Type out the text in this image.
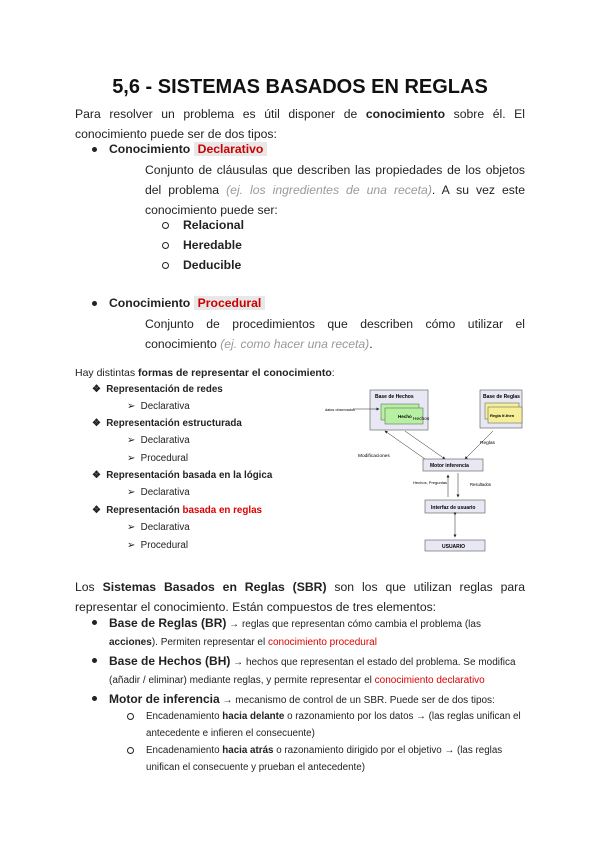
5,6 - SISTEMAS BASADOS EN REGLAS

Para resolver un problema es útil disponer de conocimiento sobre él. El conocimiento puede ser de dos tipos:

Conocimiento Declarativo

Conjunto de cláusulas que describen las propiedades de los objetos del problema (ej. los ingredientes de una receta). A su vez este conocimiento puede ser:

Relacional
Heredable
Deducible
Conocimiento Procedural

Conjunto de procedimientos que describen cómo utilizar el conocimiento (ej. como hacer una receta).

Hay distintas formas de representar el conocimiento:
❖  Representación de redes
➢  Declarativa
❖  Representación estructurada
➢  Declarativa
➢  Procedural
❖  Representación basada en la lógica
➢  Declarativa
❖  Representación basada en reglas
➢  Declarativa
➢  Procedural
Base de Hechos
Hecho
Base de Reglas
Regla If-then
datos observados
Hechos
Modificaciones
Reglas
Motor inferencia
Hechos, Preguntas	Resultados
Interfaz de usuario
USUARIO

Los Sistemas Basados en Reglas (SBR) son los que utilizan reglas para representar el conocimiento. Están compuestos de tres elementos:

Base de Reglas (BR) → reglas que representan cómo cambia el problema (las acciones). Permiten representar el conocimiento procedural
Base de Hechos (BH) → hechos que representan el estado del problema. Se modifica (añadir / eliminar) mediante reglas, y permite representar el conocimiento declarativo
Motor de inferencia → mecanismo de control de un SBR. Puede ser de dos tipos:
Encadenamiento hacia delante o razonamiento por los datos → (las reglas unifican el antecedente e infieren el consecuente)
Encadenamiento hacia atrás o razonamiento dirigido por el objetivo → (las reglas unifican el consecuente y prueban el antecedente)
